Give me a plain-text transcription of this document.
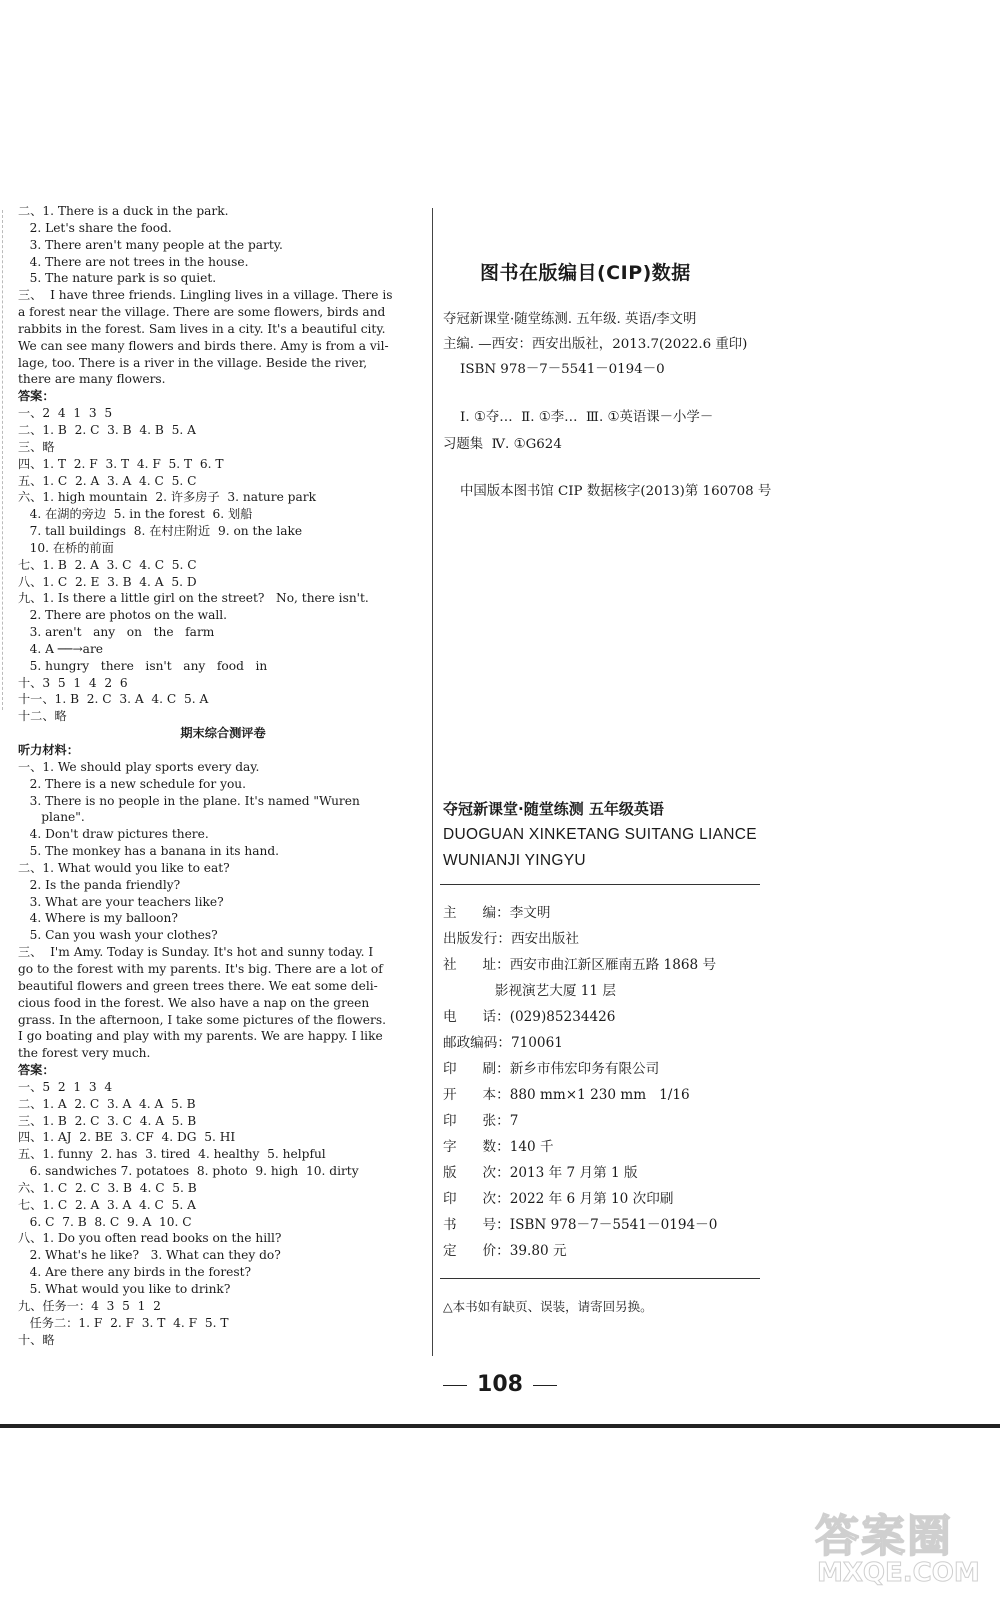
二、1. There is a duck in the park.
2. Let's share the food.
3. There aren't many people at the party.
4. There are not trees in the house.
5. The nature park is so quiet.
三、  I have three friends. Lingling lives in a village. There is
a forest near the village. There are some flowers, birds and
rabbits in the forest. Sam lives in a city. It's a beautiful city.
We can see many flowers and birds there. Amy is from a vil-
lage, too. There is a river in the village. Beside the river,
there are many flowers.
答案：
一、2  4  1  3  5
二、1. B  2. C  3. B  4. B  5. A
三、略
四、1. T  2. F  3. T  4. F  5. T  6. T
五、1. C  2. A  3. A  4. C  5. C
六、1. high mountain  2. 许多房子  3. nature park
4. 在湖的旁边  5. in the forest  6. 划船
7. tall buildings  8. 在村庄附近  9. on the lake
10. 在桥的前面
七、1. B  2. A  3. C  4. C  5. C
八、1. C  2. E  3. B  4. A  5. D
九、1. Is there a little girl on the street?   No, there isn't.
2. There are photos on the wall.
3. aren't   any   on   the   farm
4. A ──→are
5. hungry   there   isn't   any   food   in
十、3  5  1  4  2  6
十一、1. B  2. C  3. A  4. C  5. A
十二、略
期末综合测评卷
听力材料：
一、1. We should play sports every day.
2. There is a new schedule for you.
3. There is no people in the plane. It's named "Wuren
plane".
4. Don't draw pictures there.
5. The monkey has a banana in its hand.
二、1. What would you like to eat?
2. Is the panda friendly?
3. What are your teachers like?
4. Where is my balloon?
5. Can you wash your clothes?
三、  I'm Amy. Today is Sunday. It's hot and sunny today. I
go to the forest with my parents. It's big. There are a lot of
beautiful flowers and green trees there. We eat some deli-
cious food in the forest. We also have a nap on the green
grass. In the afternoon, I take some pictures of the flowers.
I go boating and play with my parents. We are happy. I like
the forest very much.
答案：
一、5  2  1  3  4
二、1. A  2. C  3. A  4. A  5. B
三、1. B  2. C  3. C  4. A  5. B
四、1. AJ  2. BE  3. CF  4. DG  5. HI
五、1. funny  2. has  3. tired  4. healthy  5. helpful
6. sandwiches 7. potatoes  8. photo  9. high  10. dirty
六、1. C  2. C  3. B  4. C  5. B
七、1. C  2. A  3. A  4. C  5. A
6. C  7. B  8. C  9. A  10. C
八、1. Do you often read books on the hill?
2. What's he like?   3. What can they do?
4. Are there any birds in the forest?
5. What would you like to drink?
九、任务一：4  3  5  1  2
任务二：1. F  2. F  3. T  4. F  5. T
十、略
图书在版编目(CIP)数据
夺冠新课堂·随堂练测. 五年级. 英语/李文明
主编. —西安：西安出版社，2013.7(2022.6 重印)
ISBN 978－7－5541－0194－0
Ⅰ. ①夺…  Ⅱ. ①李…  Ⅲ. ①英语课－小学－
习题集  Ⅳ. ①G624
中国版本图书馆 CIP 数据核字(2013)第 160708 号
夺冠新课堂·随堂练测 五年级英语
DUOGUAN XINKETANG SUITANG LIANCE
WUNIANJI YINGYU
主      编：李文明
出版发行：西安出版社
社      址：西安市曲江新区雁南五路 1868 号
影视演艺大厦 11 层
电      话：(029)85234426
邮政编码：710061
印      刷：新乡市伟宏印务有限公司
开      本：880 mm×1 230 mm   1/16
印      张：7
字      数：140 千
版      次：2013 年 7 月第 1 版
印      次：2022 年 6 月第 10 次印刷
书      号：ISBN 978－7－5541－0194－0
定      价：39.80 元
△本书如有缺页、误装，请寄回另换。
108
答案圈
MXQE.COM
